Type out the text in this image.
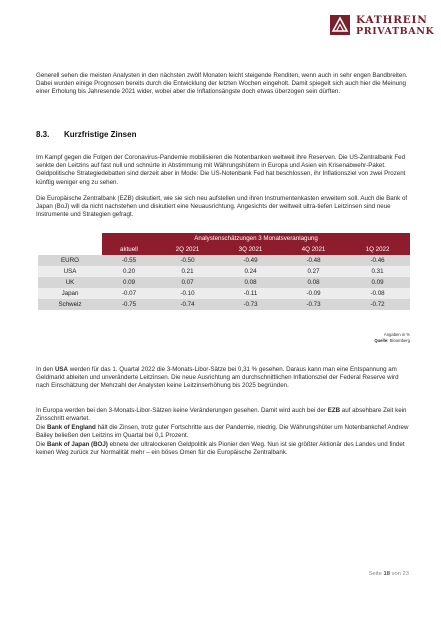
KATHREIN
PRIVATBANK

Generell sehen die meisten Analysten in den nächsten zwölf Monaten leicht steigende Renditen, wenn auch in sehr engen Bandbreiten. Dabei wurden einige Prognosen bereits durch die Entwicklung der letzten Wochen eingeholt. Damit spiegelt sich auch hier die Meinung einer Erholung bis Jahresende 2021 wider, wobei aber die Inflationsängste doch etwas überzogen sein dürften.

8.3. Kurzfristige Zinsen

Im Kampf gegen die Folgen der Coronavirus-Pandemie mobilisieren die Notenbanken weltweit ihre Reserven. Die US-Zentralbank Fed senkte den Leitzins auf fast null und schnürte in Abstimmung mit Währungshütern in Europa und Asien ein Krisenabwehr-Paket. Geldpolitische Strategiedebatten sind derzeit aber in Mode: Die US-Notenbank Fed hat beschlossen, ihr Inflationsziel von zwei Prozent künftig weniger eng zu sehen.

Die Europäische Zentralbank (EZB) diskutiert, wie sie sich neu aufstellen und ihren Instrumentenkasten erweitern soll. Auch die Bank of Japan (BoJ) will da nicht nachstehen und diskutiert eine Neuausrichtung. Angesichts der weltweit ultra-tiefen Leitzinsen sind neue Instrumente und Strategien gefragt.

	Analystenschätzungen 3 Monatsveranlagung				
	aktuell	2Q 2021	3Q 2021	4Q 2021	1Q 2022
EURO	-0.55	-0.50	-0.49	-0.48	-0.46
USA	0.20	0.21	0.24	0.27	0.31
UK	0.09	0.07	0.08	0.08	0.09
Japan	-0.07	-0.10	-0.11	-0.09	-0.08
Schweiz	-0.75	-0.74	-0.73	-0.73	-0.72
Angaben in %
Quelle: Bloomberg

In den USA werden für das 1. Quartal 2022 die 3-Monats-Libor-Sätze bei 0,31 % gesehen. Daraus kann man eine Entspannung am Geldmarkt ableiten und unveränderte Leitzinsen. Die neue Ausrichtung am durchschnittlichen Inflationsziel der Federal Reserve wird nach Einschätzung der Mehrzahl der Analysten keine Leitzinserhöhung bis 2025 begründen.

In Europa werden bei den 3-Monats-Libor-Sätzen keine Veränderungen gesehen. Damit wird auch bei der EZB auf absehbare Zeit kein Zinsschritt erwartet.

Die Bank of England hält die Zinsen, trotz guter Fortschritte aus der Pandemie, niedrig. Die Währungshüter um Notenbankchef Andrew Bailey beließen den Leitzins im Quartal bei 0,1 Prozent.

Die Bank of Japan (BOJ) ebnete der ultralockeren Geldpolitik als Pionier den Weg. Nun ist sie größter Aktionär des Landes und findet keinen Weg zurück zur Normalität mehr – ein böses Omen für die Europäische Zentralbank.

Seite 18 von 23
